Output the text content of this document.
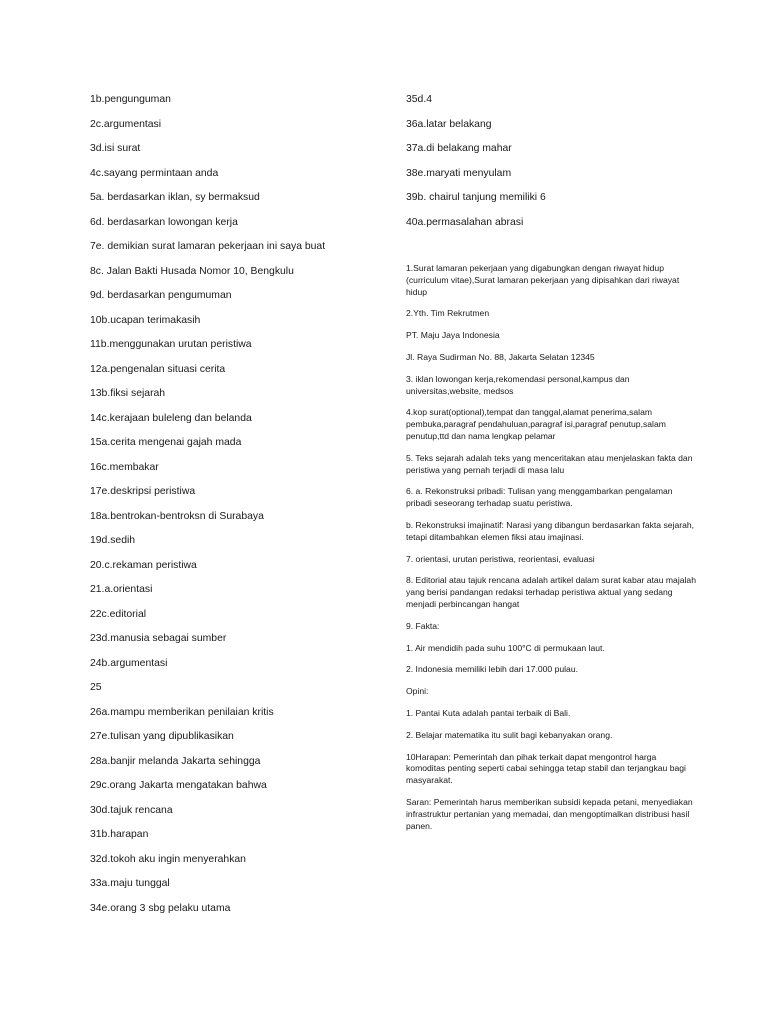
1b.pengunguman
2c.argumentasi
3d.isi surat
4c.sayang permintaan anda
5a. berdasarkan iklan, sy bermaksud
6d. berdasarkan lowongan kerja
7e. demikian surat lamaran pekerjaan ini saya buat
8c. Jalan Bakti Husada Nomor 10, Bengkulu
9d. berdasarkan pengumuman
10b.ucapan terimakasih
11b.menggunakan urutan peristiwa
12a.pengenalan situasi cerita
13b.fiksi sejarah
14c.kerajaan buleleng dan belanda
15a.cerita mengenai gajah mada
16c.membakar
17e.deskripsi peristiwa
18a.bentrokan-bentroksn di Surabaya
19d.sedih
20.c.rekaman peristiwa
21.a.orientasi
22c.editorial
23d.manusia sebagai sumber
24b.argumentasi
25
26a.mampu memberikan penilaian kritis
27e.tulisan yang dipublikasikan
28a.banjir melanda Jakarta sehingga
29c.orang Jakarta mengatakan bahwa
30d.tajuk rencana
31b.harapan
32d.tokoh aku ingin menyerahkan
33a.maju tunggal
34e.orang 3 sbg pelaku utama
35d.4
36a.latar belakang
37a.di belakang mahar
38e.maryati menyulam
39b. chairul tanjung memiliki 6
40a.permasalahan abrasi
1.Surat lamaran pekerjaan yang digabungkan dengan riwayat hidup (curriculum vitae),Surat lamaran pekerjaan yang dipisahkan dari riwayat hidup
2.Yth. Tim Rekrutmen
PT. Maju Jaya Indonesia
Jl. Raya Sudirman No. 88, Jakarta Selatan 12345
3. iklan lowongan kerja,rekomendasi personal,kampus dan universitas,website, medsos
4.kop surat(optional),tempat dan tanggal,alamat penerima,salam pembuka,paragraf pendahuluan,paragraf isi,paragraf penutup,salam penutup,ttd dan nama lengkap pelamar
5. Teks sejarah adalah teks yang menceritakan atau menjelaskan fakta dan peristiwa yang pernah terjadi di masa lalu
6. a. Rekonstruksi pribadi: Tulisan yang menggambarkan pengalaman pribadi seseorang terhadap suatu peristiwa.
b. Rekonstruksi imajinatif: Narasi yang dibangun berdasarkan fakta sejarah, tetapi ditambahkan elemen fiksi atau imajinasi.
7. orientasi, urutan peristiwa, reorientasi, evaluasi
8. Editorial atau tajuk rencana adalah artikel dalam surat kabar atau majalah yang berisi pandangan redaksi terhadap peristiwa aktual yang sedang menjadi perbincangan hangat
9. Fakta:
1. Air mendidih pada suhu 100°C di permukaan laut.
2. Indonesia memiliki lebih dari 17.000 pulau.
Opini:
1. Pantai Kuta adalah pantai terbaik di Bali.
2. Belajar matematika itu sulit bagi kebanyakan orang.
10Harapan: Pemerintah dan pihak terkait dapat mengontrol harga komoditas penting seperti cabai sehingga tetap stabil dan terjangkau bagi masyarakat.
Saran: Pemerintah harus memberikan subsidi kepada petani, menyediakan infrastruktur pertanian yang memadai, dan mengoptimalkan distribusi hasil panen.
